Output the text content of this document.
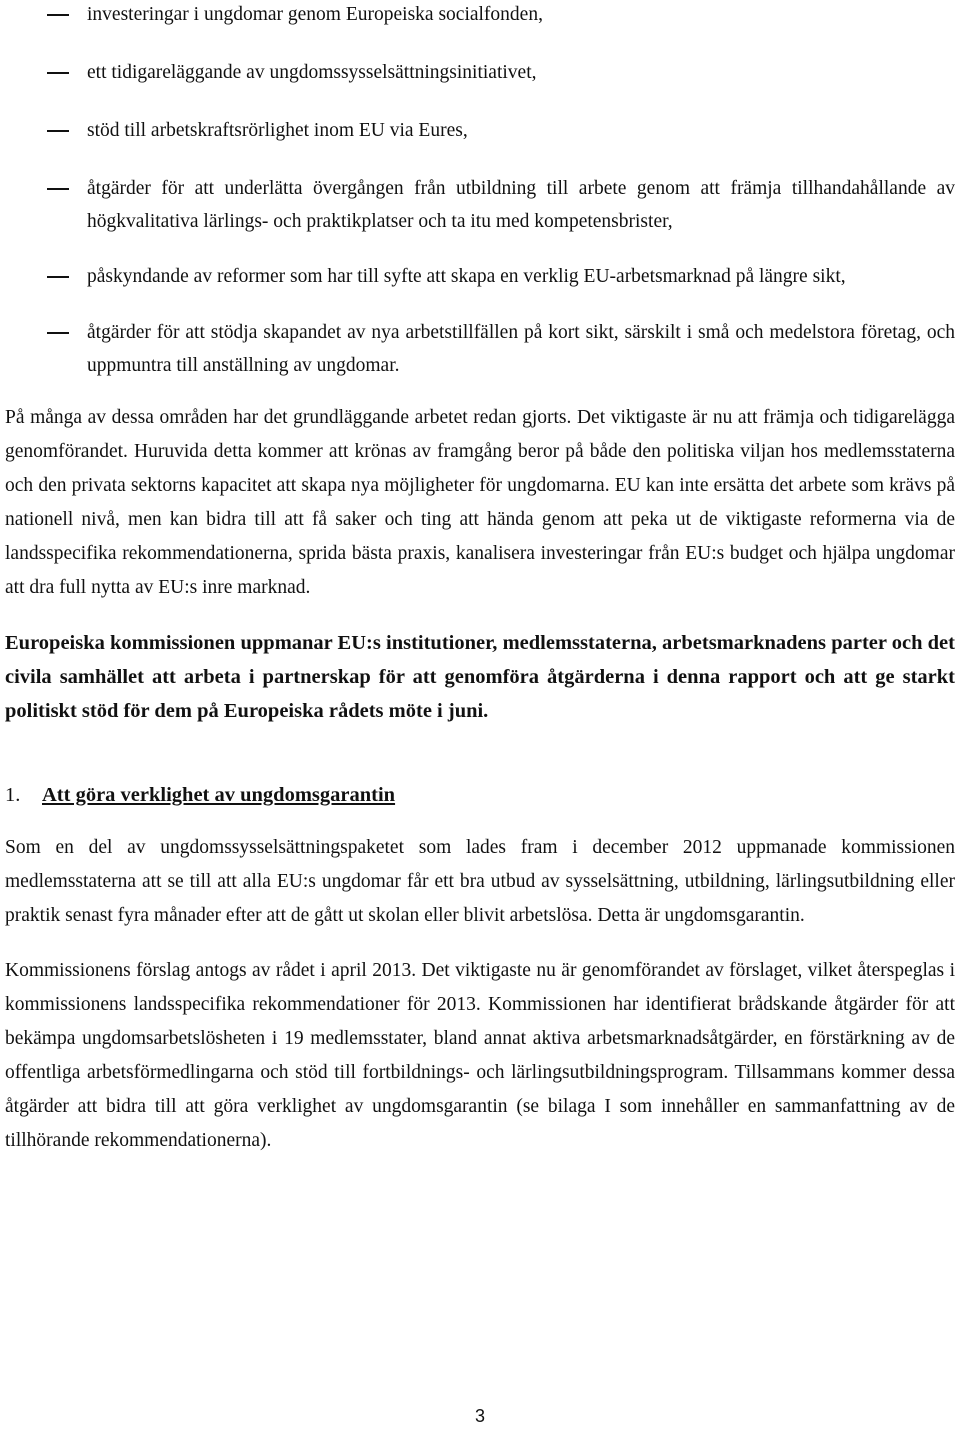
investeringar i ungdomar genom Europeiska socialfonden,
ett tidigareläggande av ungdomssysselsättningsinitiativet,
stöd till arbetskraftsrörlighet inom EU via Eures,
åtgärder för att underlätta övergången från utbildning till arbete genom att främja tillhandahållande av högkvalitativa lärlings- och praktikplatser och ta itu med kompetensbrister,
påskyndande av reformer som har till syfte att skapa en verklig EU-arbetsmarknad på längre sikt,
åtgärder för att stödja skapandet av nya arbetstillfällen på kort sikt, särskilt i små och medelstora företag, och uppmuntra till anställning av ungdomar.

På många av dessa områden har det grundläggande arbetet redan gjorts. Det viktigaste är nu att främja och tidigarelägga genomförandet. Huruvida detta kommer att krönas av framgång beror på både den politiska viljan hos medlemsstaterna och den privata sektorns kapacitet att skapa nya möjligheter för ungdomarna. EU kan inte ersätta det arbete som krävs på nationell nivå, men kan bidra till att få saker och ting att hända genom att peka ut de viktigaste reformerna via de landsspecifika rekommendationerna, sprida bästa praxis, kanalisera investeringar från EU:s budget och hjälpa ungdomar att dra full nytta av EU:s inre marknad.

Europeiska kommissionen uppmanar EU:s institutioner, medlemsstaterna, arbetsmarknadens parter och det civila samhället att arbeta i partnerskap för att genomföra åtgärderna i denna rapport och att ge starkt politiskt stöd för dem på Europeiska rådets möte i juni.

1. Att göra verklighet av ungdomsgarantin

Som en del av ungdomssysselsättningspaketet som lades fram i december 2012 uppmanade kommissionen medlemsstaterna att se till att alla EU:s ungdomar får ett bra utbud av sysselsättning, utbildning, lärlingsutbildning eller praktik senast fyra månader efter att de gått ut skolan eller blivit arbetslösa. Detta är ungdomsgarantin.

Kommissionens förslag antogs av rådet i april 2013. Det viktigaste nu är genomförandet av förslaget, vilket återspeglas i kommissionens landsspecifika rekommendationer för 2013. Kommissionen har identifierat brådskande åtgärder för att bekämpa ungdomsarbetslösheten i 19 medlemsstater, bland annat aktiva arbetsmarknadsåtgärder, en förstärkning av de offentliga arbetsförmedlingarna och stöd till fortbildnings- och lärlingsutbildningsprogram. Tillsammans kommer dessa åtgärder att bidra till att göra verklighet av ungdomsgarantin (se bilaga I som innehåller en sammanfattning av de tillhörande rekommendationerna).

3
